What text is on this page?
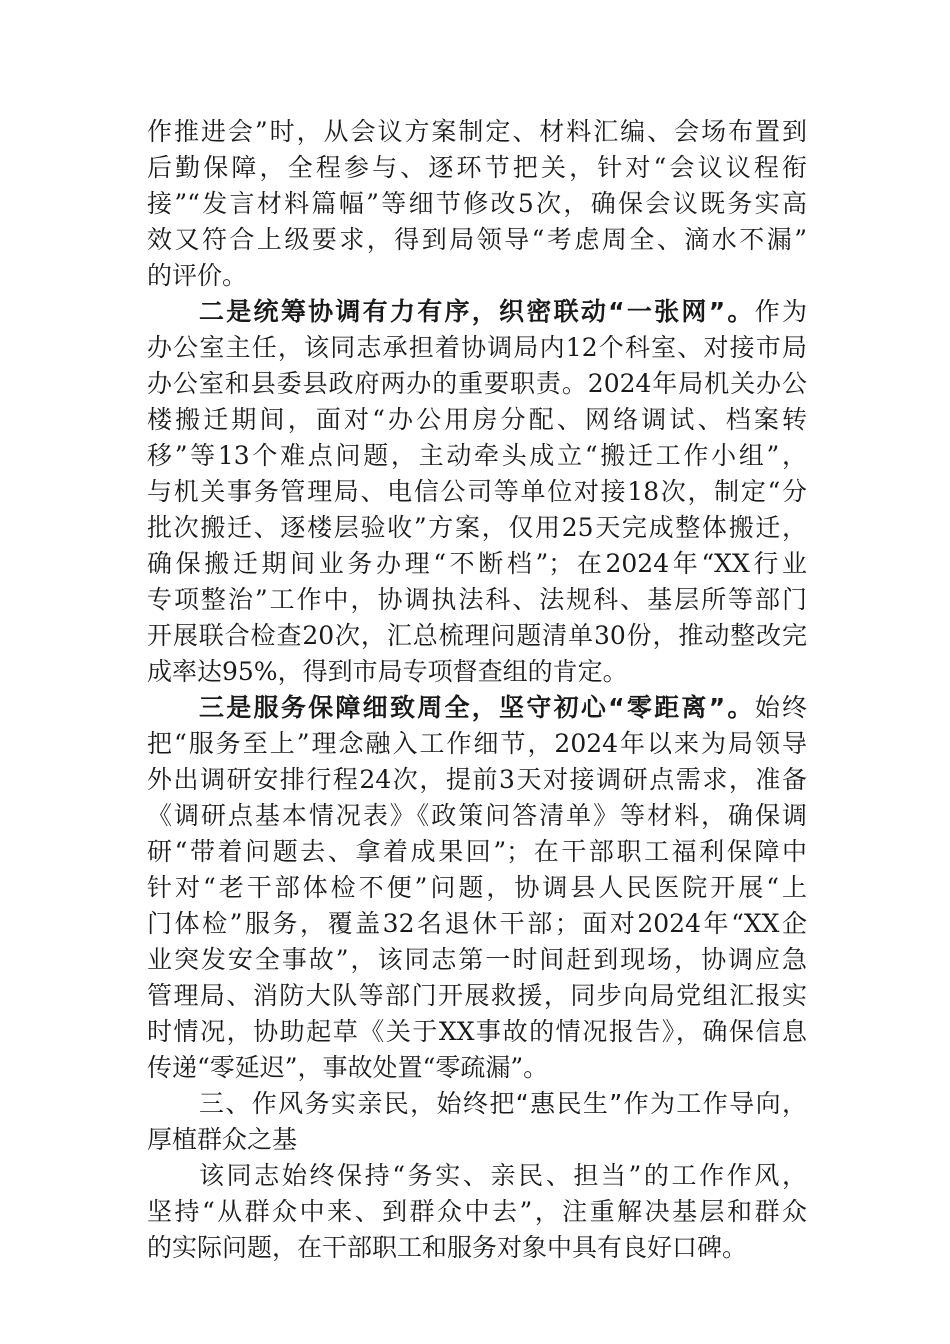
作推进会”时，从会议方案制定、材料汇编、会场布置到
后勤保障，全程参与、逐环节把关，针对“会议议程衔
接”“发言材料篇幅”等细节修改5次，确保会议既务实高
效又符合上级要求，得到局领导“考虑周全、滴水不漏”
的评价。
二是统筹协调有力有序，织密联动“一张网”。作为
办公室主任，该同志承担着协调局内12个科室、对接市局
办公室和县委县政府两办的重要职责。2024年局机关办公
楼搬迁期间，面对“办公用房分配、网络调试、档案转
移”等13个难点问题，主动牵头成立“搬迁工作小组”，
与机关事务管理局、电信公司等单位对接18次，制定“分
批次搬迁、逐楼层验收”方案，仅用25天完成整体搬迁，
确保搬迁期间业务办理“不断档”；在2024年“XX行业
专项整治”工作中，协调执法科、法规科、基层所等部门
开展联合检查20次，汇总梳理问题清单30份，推动整改完
成率达95%，得到市局专项督查组的肯定。
三是服务保障细致周全，坚守初心“零距离”。始终
把“服务至上”理念融入工作细节，2024年以来为局领导
外出调研安排行程24次，提前3天对接调研点需求，准备
《调研点基本情况表》《政策问答清单》等材料，确保调
研“带着问题去、拿着成果回”；在干部职工福利保障中
针对“老干部体检不便”问题，协调县人民医院开展“上
门体检”服务，覆盖32名退休干部；面对2024年“XX企
业突发安全事故”，该同志第一时间赶到现场，协调应急
管理局、消防大队等部门开展救援，同步向局党组汇报实
时情况，协助起草《关于XX事故的情况报告》，确保信息
传递“零延迟”，事故处置“零疏漏”。
三、作风务实亲民，始终把“惠民生”作为工作导向，
厚植群众之基
该同志始终保持“务实、亲民、担当”的工作作风，
坚持“从群众中来、到群众中去”，注重解决基层和群众
的实际问题，在干部职工和服务对象中具有良好口碑。
